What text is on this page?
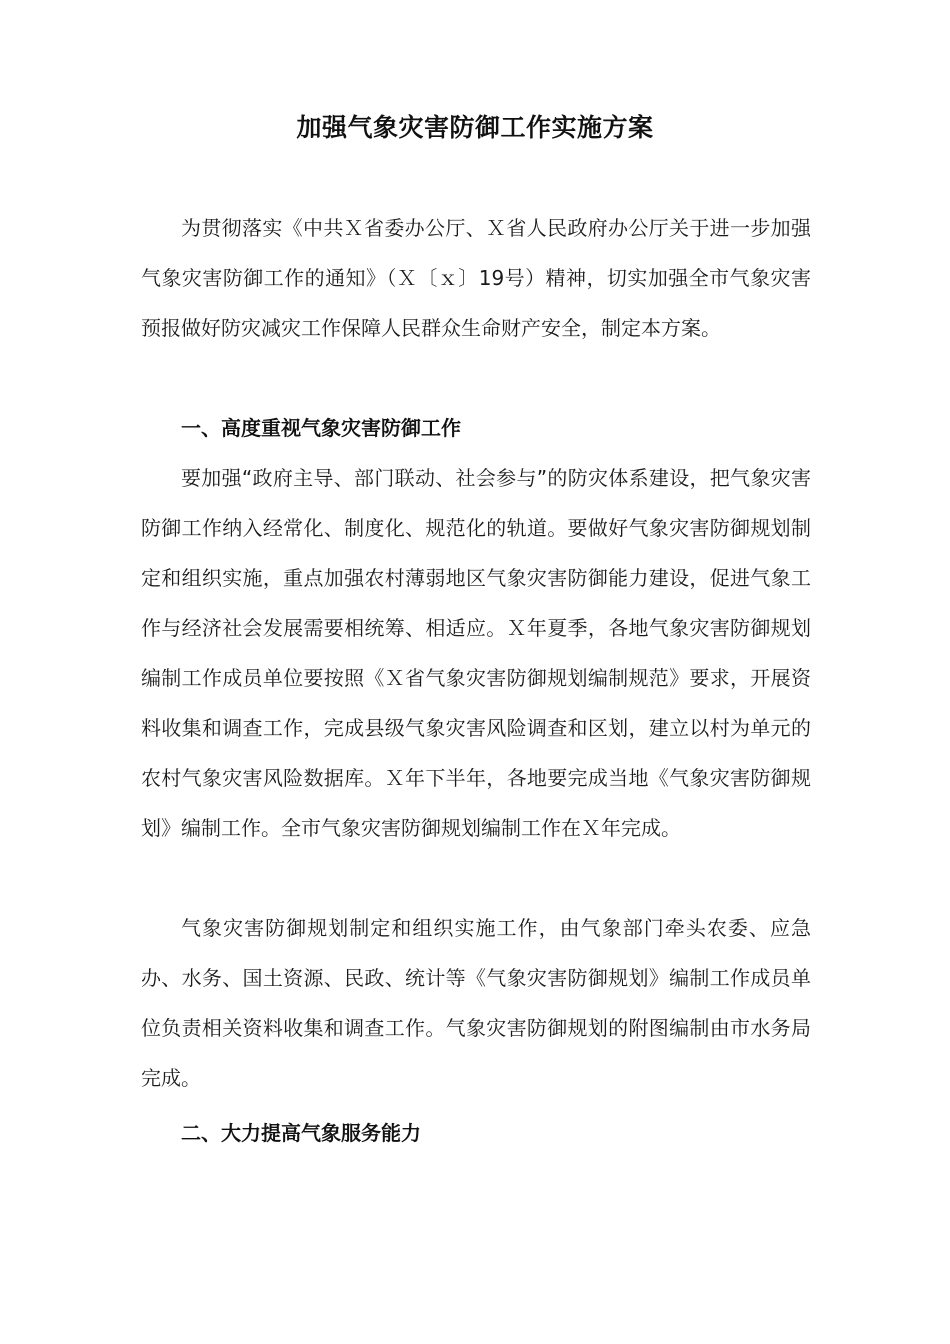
加强气象灾害防御工作实施方案

为贯彻落实《中共Ｘ省委办公厅、Ｘ省人民政府办公厅关于进一步加强气象灾害防御工作的通知》（Ｘ〔ｘ〕19号）精神，切实加强全市气象灾害预报做好防灾减灾工作保障人民群众生命财产安全，制定本方案。

一、高度重视气象灾害防御工作

要加强“政府主导、部门联动、社会参与”的防灾体系建设，把气象灾害防御工作纳入经常化、制度化、规范化的轨道。要做好气象灾害防御规划制定和组织实施，重点加强农村薄弱地区气象灾害防御能力建设，促进气象工作与经济社会发展需要相统筹、相适应。Ｘ年夏季，各地气象灾害防御规划编制工作成员单位要按照《Ｘ省气象灾害防御规划编制规范》要求，开展资料收集和调查工作，完成县级气象灾害风险调查和区划，建立以村为单元的农村气象灾害风险数据库。Ｘ年下半年，各地要完成当地《气象灾害防御规划》编制工作。全市气象灾害防御规划编制工作在Ｘ年完成。

气象灾害防御规划制定和组织实施工作，由气象部门牵头农委、应急办、水务、国土资源、民政、统计等《气象灾害防御规划》编制工作成员单位负责相关资料收集和调查工作。气象灾害防御规划的附图编制由市水务局完成。

二、大力提高气象服务能力
